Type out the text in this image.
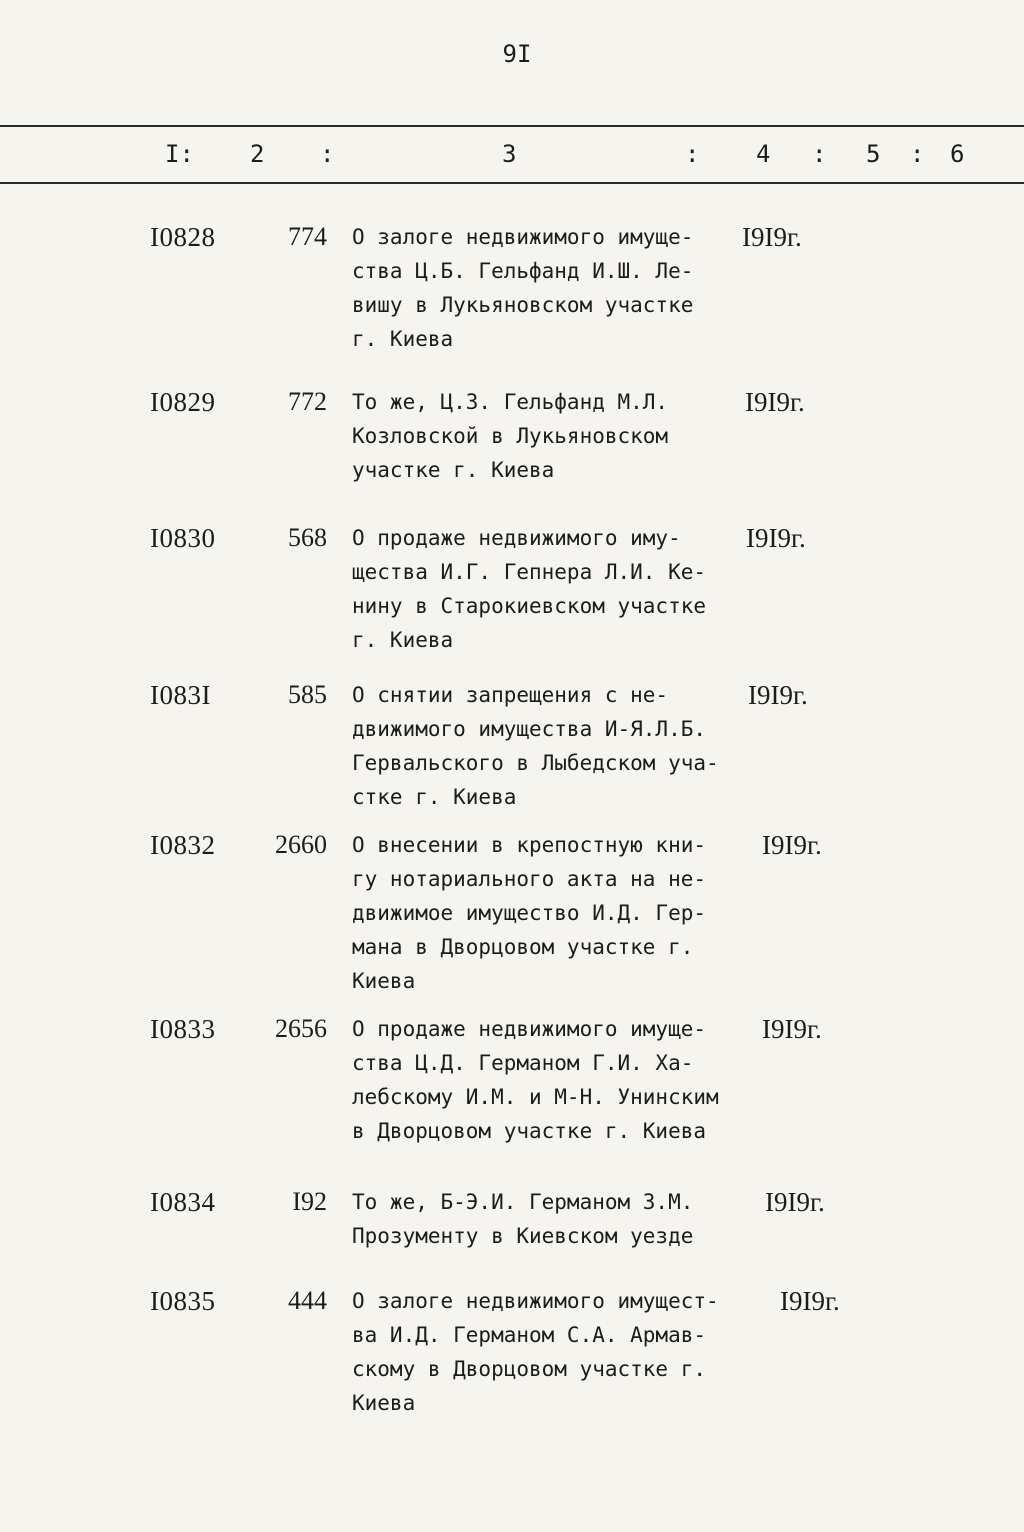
9I
I: 2 :	3	: 4 : 5 : 6
I0828	774 О залоге недвижимого имуще-
ства Ц.Б. Гельфанд И.Ш. Ле-
вишу в Лукьяновском участке
г. Киева
I9I9г.
I0829	772 То же, Ц.З. Гельфанд М.Л.
Козловской в Лукьяновском
участке г. Киева
I9I9г.
I0830	568 О продаже недвижимого иму-
щества И.Г. Гепнера Л.И. Ке-
нину в Старокиевском участке
г. Киева
I9I9г.
I083I	585 О снятии запрещения с не-
движимого имущества И-Я.Л.Б.
Гервальского в Лыбедском уча-
стке г. Киева
I9I9г.
I0832	2660 О внесении в крепостную кни-
гу нотариального акта на не-
движимое имущество И.Д. Гер-
мана в Дворцовом участке г.
Киева
I9I9г.
I0833	2656 О продаже недвижимого имуще-
ства Ц.Д. Германом Г.И. Ха-
лебскому И.М. и М-Н. Унинским
в Дворцовом участке г. Киева
I9I9г.
I0834	I92 То же, Б-Э.И. Германом З.М.
Прозументу в Киевском уезде
I9I9г.
I0835	444 О залоге недвижимого имущест-
ва И.Д. Германом С.А. Армав-
скому в Дворцовом участке г.
Киева
I9I9г.
